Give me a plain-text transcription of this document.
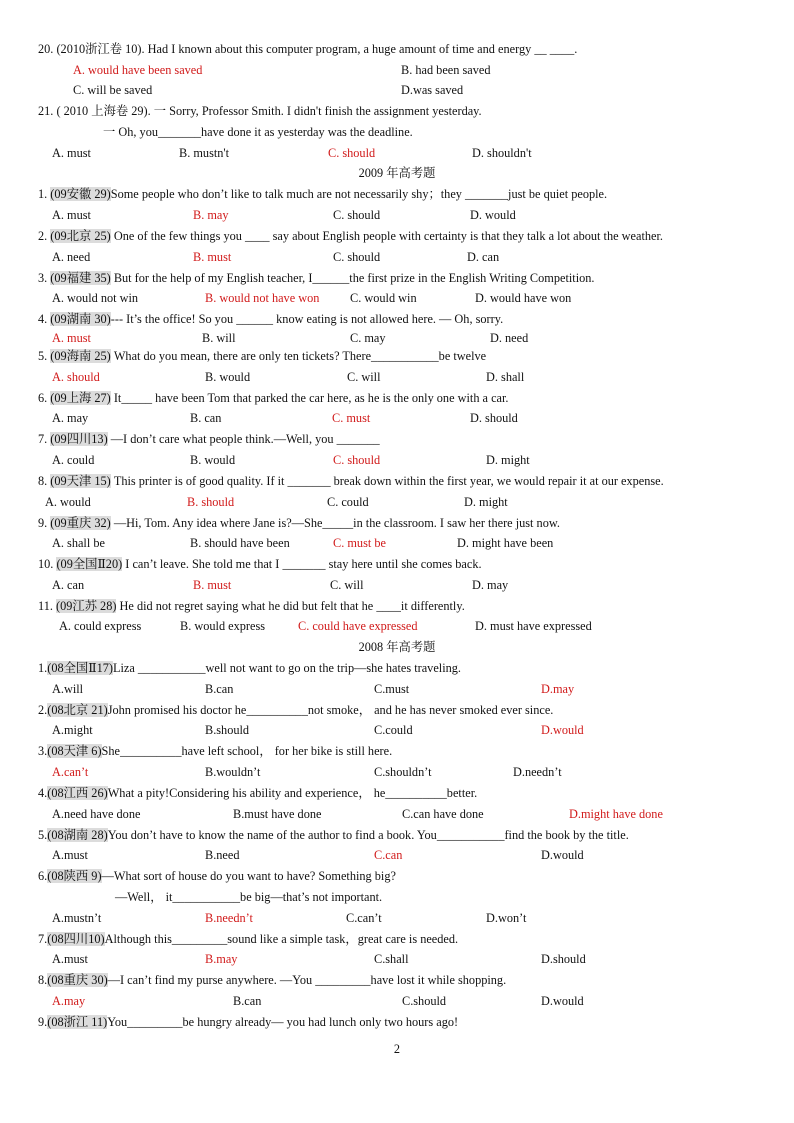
20. (2010浙江卷 10). Had I known about this computer program, a huge amount of time and energy __ ____.
A. would have been saved	B. had been saved
C. will be saved	D.was saved
21. ( 2010 上海卷 29). 一 Sorry, Professor Smith. I didn't finish the assignment yesterday.
一 Oh, you_______have done it as yesterday was the deadline.
A. must	B. mustn't	C. should	D. shouldn't
2009 年高考题
1. (09安徽 29)Some people who don’t like to talk much are not necessarily shy；they _______just be quiet people.
A. must	B. may	C. should	D. would
2. (09北京 25) One of the few things you ____ say about English people with certainty is that they talk a lot about the weather.
A. need	B. must	C. should	D. can
3. (09福建 35) But for the help of my English teacher, I______the first prize in the English Writing Competition.
A. would not win	B. would not have won C. would win	D. would have won
4. (09湖南 30)--- It’s the office! So you ______ know eating is not allowed here. — Oh, sorry.
A. must	B. will	C. may	D. need
5. (09海南 25) What do you mean, there are only ten tickets? There___________be twelve
A. should	B. would	C. will	D. shall
6. (09上海 27) It_____ have been Tom that parked the car here, as he is the only one with a car.
A. may	B. can	C. must	D. should
7. (09四川13) —I don’t care what people think.—Well, you _______
A. could	B. would	C. should	D. might
8. (09天津 15) This printer is of good quality. If it _______ break down within the first year, we would repair it at our expense.
A. would	B. should	C. could	D. might
9. (09重庆 32) —Hi, Tom. Any idea where Jane is?—She_____in the classroom. I saw her there just now.
A. shall be	B. should have been	C. must be	D. might have been
10. (09全国Ⅱ20) I can’t leave. She told me that I _______ stay here until she comes back.
A. can	B. must	C. will	D. may
11. (09江苏 28) He did not regret saying what he did but felt that he ____it differently.
A. could express	B. would express	C. could have expressed	D. must have expressed
2008 年高考题
1.(08全国Ⅱ17)Liza ___________well not want to go on the trip—she hates traveling.
A.will	B.can	C.must	D.may
2.(08北京 21)John promised his doctor he__________not smoke， and he has never smoked ever since.
A.might	B.should	C.could	D.would
3.(08天津 6)She__________have left school， for her bike is still here.
A.can’t	B.wouldn’t	C.shouldn’t	D.needn’t
4.(08江西 26)What a pity!Considering his ability and experience， he__________better.
A.need have done	B.must have done	C.can have done	D.might have done
5.(08湖南 28)You don’t have to know the name of the author to find a book. You___________find the book by the title.
A.must	B.need	C.can	D.would
6.(08陕西 9)—What sort of house do you want to have? Something big?
—Well， it___________be big—that’s not important.
A.mustn’t	B.needn’t	C.can’t	D.won’t
7.(08四川10)Although this_________sound like a simple task，great care is needed.
A.must	B.may	C.shall	D.should
8.(08重庆 30)—I can’t find my purse anywhere. —You _________have lost it while shopping.
A.may	B.can	C.should	D.would
9.(08浙江 11)You_________be hungry already— you had lunch only two hours ago!
2
